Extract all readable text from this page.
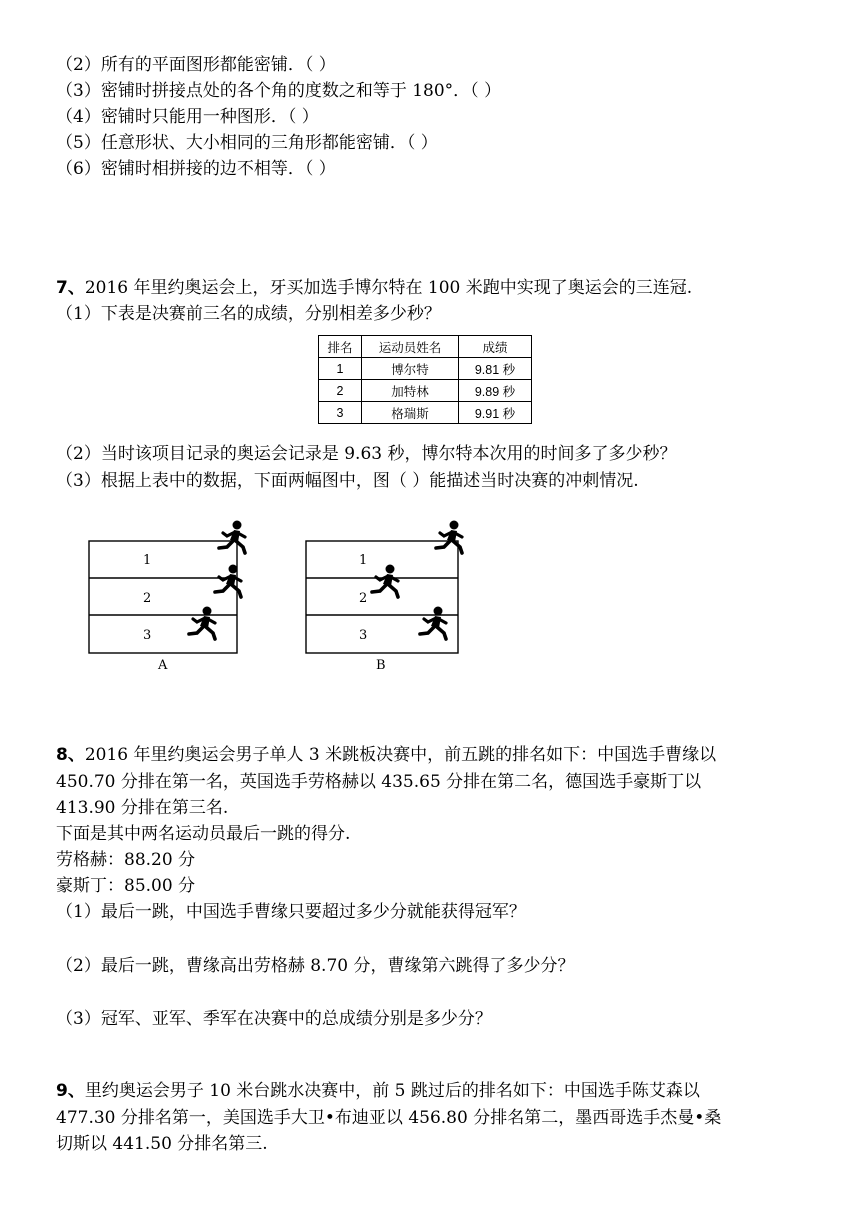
（2）所有的平面图形都能密铺．（ ）
（3）密铺时拼接点处的各个角的度数之和等于 180°．（ ）
（4）密铺时只能用一种图形．（ ）
（5）任意形状、大小相同的三角形都能密铺．（ ）
（6）密铺时相拼接的边不相等．（ ）
7、2016 年里约奥运会上，牙买加选手博尔特在 100 米跑中实现了奥运会的三连冠.
（1）下表是决赛前三名的成绩，分别相差多少秒？
排名	运动员姓名	成绩
1	博尔特	9.81 秒
2	加特林	9.89 秒
3	格瑞斯	9.91 秒
（2）当时该项目记录的奥运会记录是 9.63 秒，博尔特本次用的时间多了多少秒？
（3）根据上表中的数据，下面两幅图中，图（ ）能描述当时决赛的冲刺情况.
1
2
3
A
1
2
3
B
8、2016 年里约奥运会男子单人 3 米跳板决赛中，前五跳的排名如下：中国选手曹缘以
450.70 分排在第一名，英国选手劳格赫以 435.65 分排在第二名，德国选手豪斯丁以
413.90 分排在第三名.
下面是其中两名运动员最后一跳的得分.
劳格赫：88.20 分
豪斯丁：85.00 分
（1）最后一跳，中国选手曹缘只要超过多少分就能获得冠军？
（2）最后一跳，曹缘高出劳格赫 8.70 分，曹缘第六跳得了多少分？
（3）冠军、亚军、季军在决赛中的总成绩分别是多少分？
9、里约奥运会男子 10 米台跳水决赛中，前 5 跳过后的排名如下：中国选手陈艾森以
477.30 分排名第一，美国选手大卫•布迪亚以 456.80 分排名第二，墨西哥选手杰曼•桑
切斯以 441.50 分排名第三.
